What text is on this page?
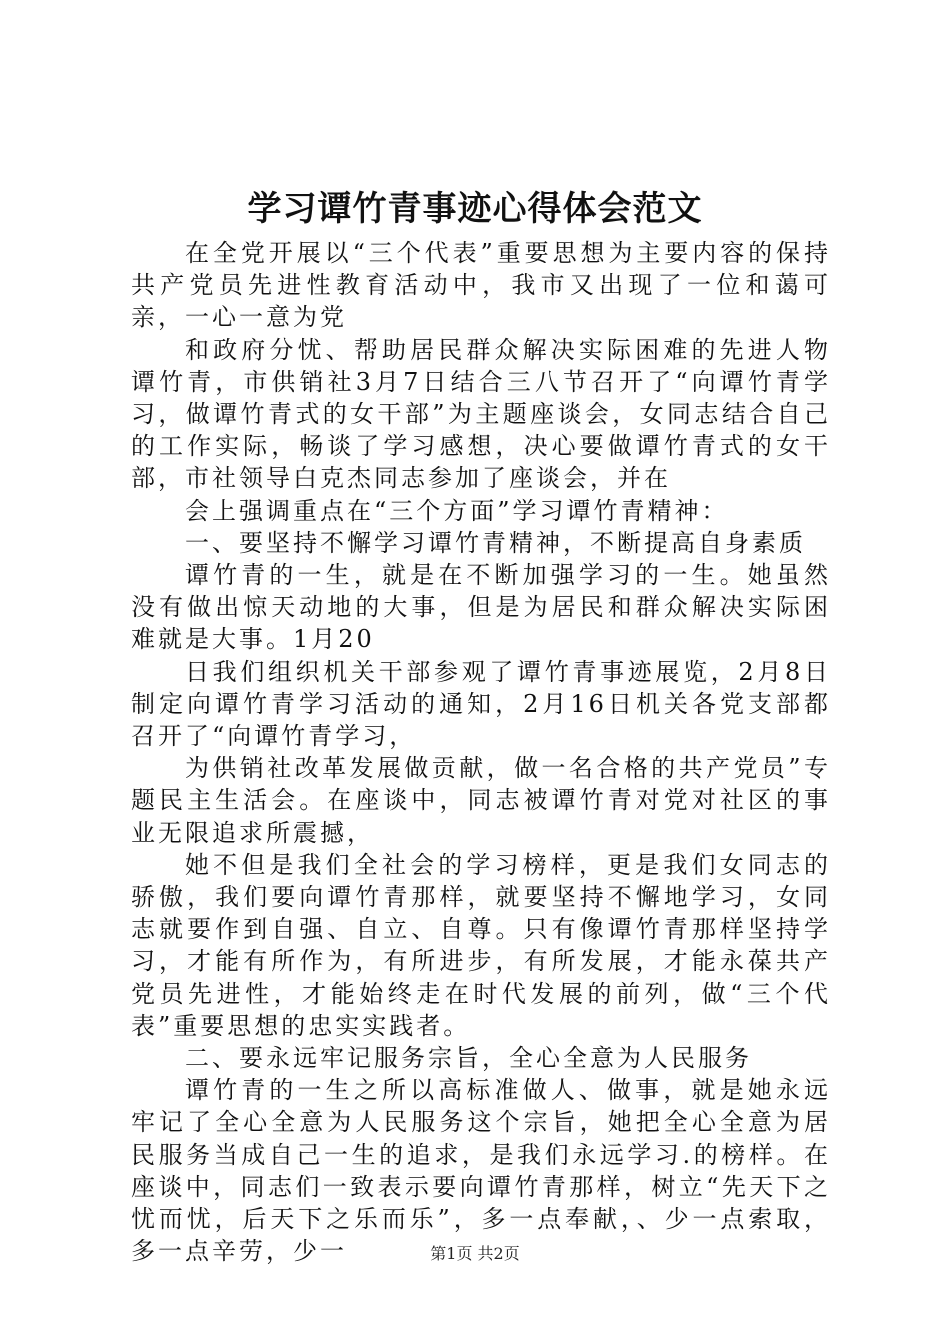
学习谭竹青事迹心得体会范文

在全党开展以“三个代表”重要思想为主要内容的保持共产党员先进性教育活动中，我市又出现了一位和蔼可亲，一心一意为党

和政府分忧、帮助居民群众解决实际困难的先进人物谭竹青，市供销社3月7日结合三八节召开了“向谭竹青学习，做谭竹青式的女干部”为主题座谈会，女同志结合自己的工作实际，畅谈了学习感想，决心要做谭竹青式的女干部，市社领导白克杰同志参加了座谈会，并在

会上强调重点在“三个方面”学习谭竹青精神：

一、要坚持不懈学习谭竹青精神，不断提高自身素质

谭竹青的一生，就是在不断加强学习的一生。她虽然没有做出惊天动地的大事，但是为居民和群众解决实际困难就是大事。1月20

日我们组织机关干部参观了谭竹青事迹展览，2月8日制定向谭竹青学习活动的通知，2月16日机关各党支部都召开了“向谭竹青学习，

为供销社改革发展做贡献，做一名合格的共产党员”专题民主生活会。在座谈中，同志被谭竹青对党对社区的事业无限追求所震撼，

她不但是我们全社会的学习榜样，更是我们女同志的骄傲，我们要向谭竹青那样，就要坚持不懈地学习，女同志就要作到自强、自立、自尊。只有像谭竹青那样坚持学习，才能有所作为，有所进步，有所发展，才能永葆共产党员先进性，才能始终走在时代发展的前列，做“三个代表”重要思想的忠实实践者。

二、要永远牢记服务宗旨，全心全意为人民服务

谭竹青的一生之所以高标准做人、做事，就是她永远牢记了全心全意为人民服务这个宗旨，她把全心全意为居民服务当成自己一生的追求，是我们永远学习.的榜样。在座谈中，同志们一致表示要向谭竹青那样，树立“先天下之忧而忧，后天下之乐而乐”，多一点奉献，、少一点索取，多一点辛劳，少一	第1页 共2页
